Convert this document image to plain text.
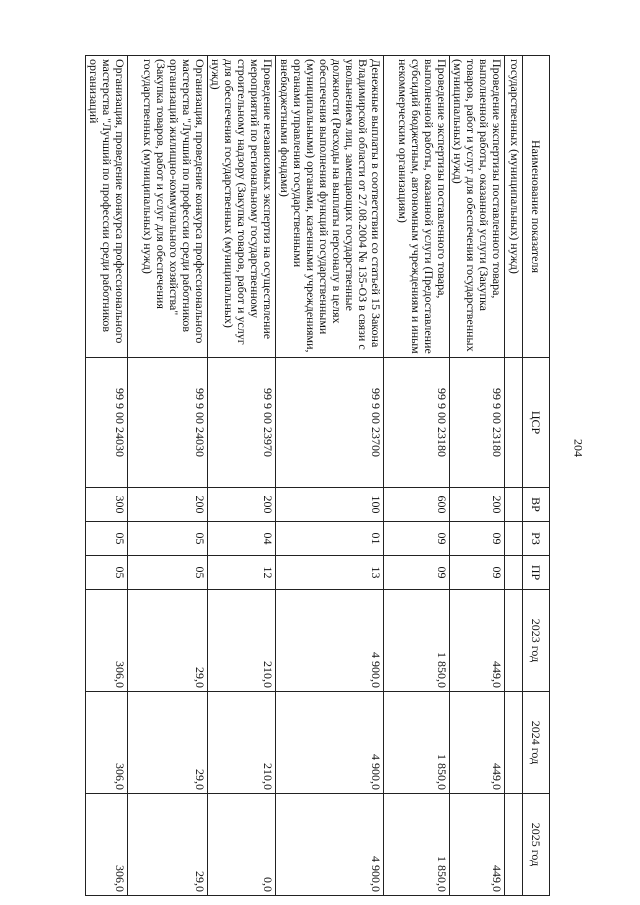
204
Наименование показателя	ЦСР	ВР	РЗ	ПР	2023 год	2024 год	2025 год
государственных (муниципальных) нужд)							
Проведение экспертизы поставленного товара, выполненной работы, оказанной услуги (Закупка товаров, работ и услуг для обеспечения государственных (муниципальных) нужд)	99 9 00 23180	200	09	09	449,0	449,0	449,0
Проведение экспертизы поставленного товара, выполненной работы, оказанной услуги (Предоставление субсидий бюджетным, автономным учреждениям и иным некоммерческим организациям)	99 9 00 23180	600	09	09	1 850,0	1 850,0	1 850,0
Денежные выплаты в соответствии со статьей 15 Закона Владимирской области от 27.08.2004 № 135-ОЗ в связи с увольнением лиц, замещающих государственные должности (Расходы на выплаты персоналу в целях обеспечения выполнения функций государственными (муниципальными) органами, казенными учреждениями, органами управления государственными внебюджетными фондами)	99 9 00 23700	100	01	13	4 900,0	4 900,0	4 900,0
Проведение независимых экспертиз на осуществление мероприятий по региональному государственному строительному надзору (Закупка товаров, работ и услуг для обеспечения государственных (муниципальных) нужд)	99 9 00 23970	200	04	12	210,0	210,0	0,0
Организация, проведение конкурса профессионального мастерства "Лучший по профессии среди работников организаций жилищно-коммунального хозяйства" (Закупка товаров, работ и услуг для обеспечения государственных (муниципальных) нужд)	99 9 00 24030	200	05	05	29,0	29,0	29,0
Организация, проведение конкурса профессионального мастерства "Лучший по профессии среди работников организаций	99 9 00 24030	300	05	05	306,0	306,0	306,0
